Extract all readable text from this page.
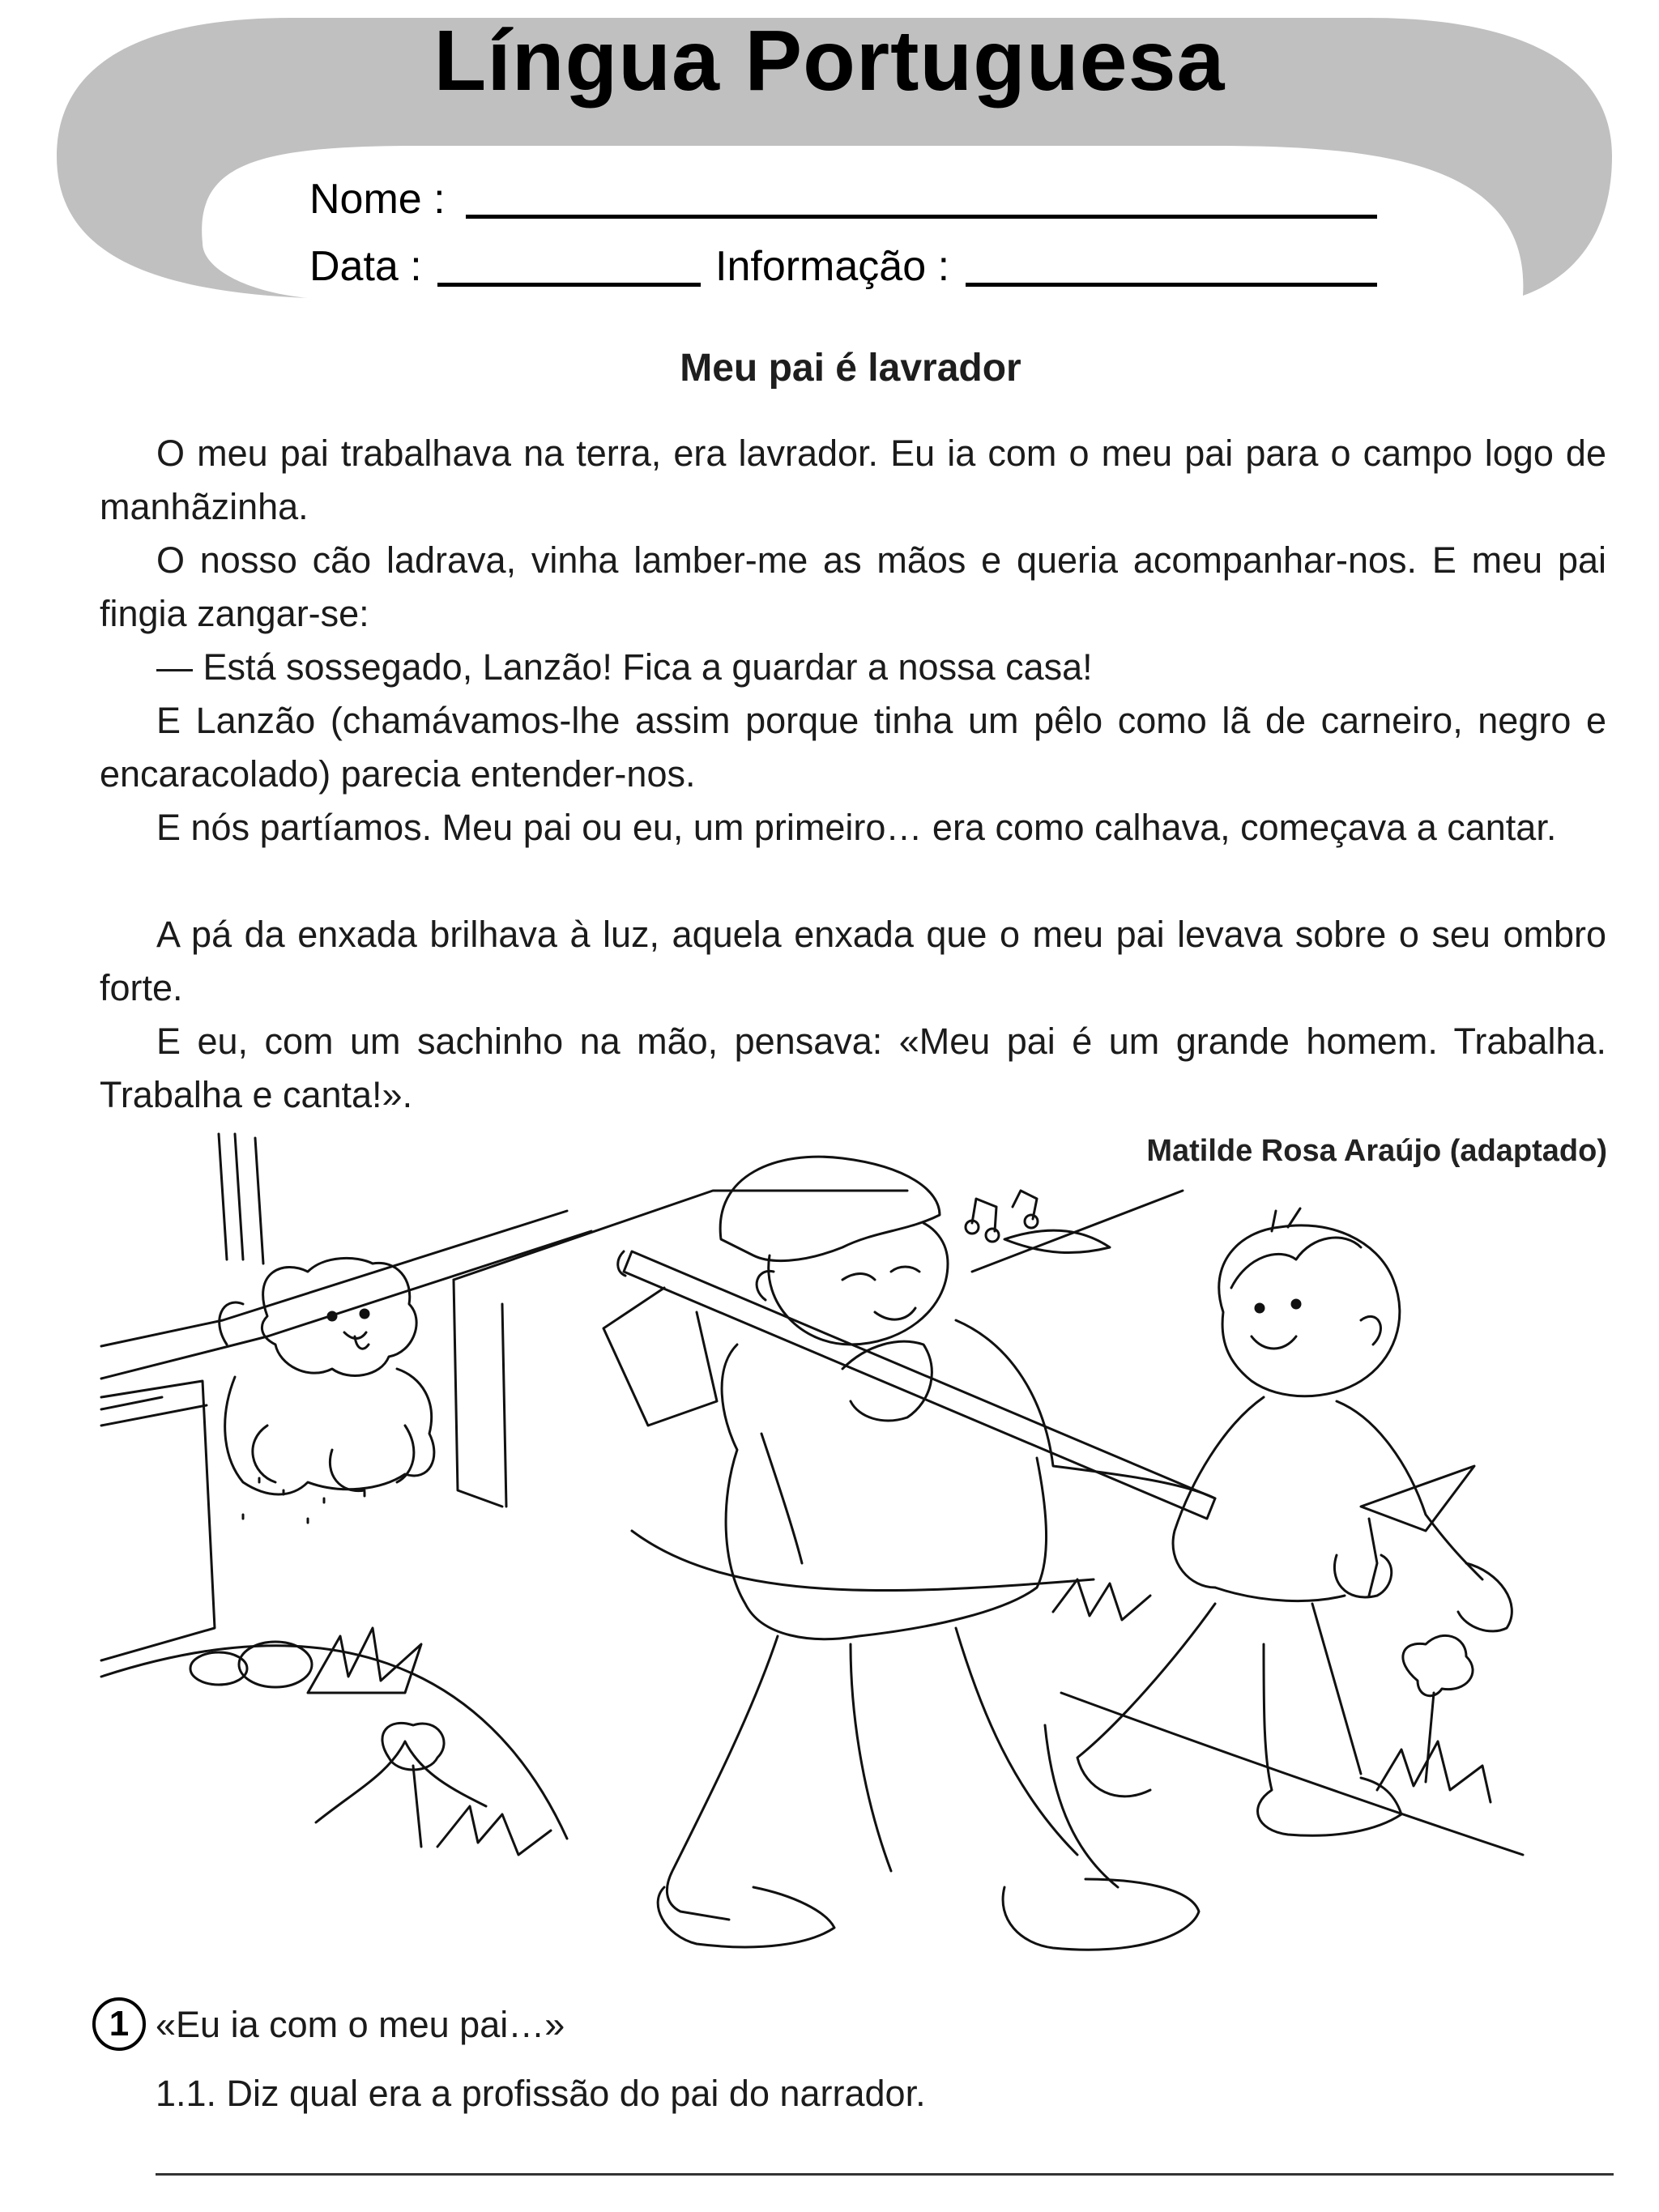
Língua Portuguesa
Nome :
Data :	Informação :
Meu pai é lavrador
O meu pai trabalhava na terra, era lavrador. Eu ia com o meu pai para o campo logo de manhãzinha.
O nosso cão ladrava, vinha lamber-me as mãos e queria acompanhar-nos. E meu pai fingia zangar-se:
— Está sossegado, Lanzão! Fica a guardar a nossa casa!
E Lanzão (chamávamos-lhe assim porque tinha um pêlo como lã de carneiro, negro e encaracolado) parecia entender-nos.
E nós partíamos. Meu pai ou eu, um primeiro… era como calhava, começava a cantar.
A pá da enxada brilhava à luz, aquela enxada que o meu pai levava sobre o seu ombro forte.
E eu, com um sachinho na mão, pensava: «Meu pai é um grande homem. Trabalha. Trabalha e canta!».
Matilde Rosa Araújo (adaptado)
1 «Eu ia com o meu pai…»
1.1. Diz qual era a profissão do pai do narrador.
